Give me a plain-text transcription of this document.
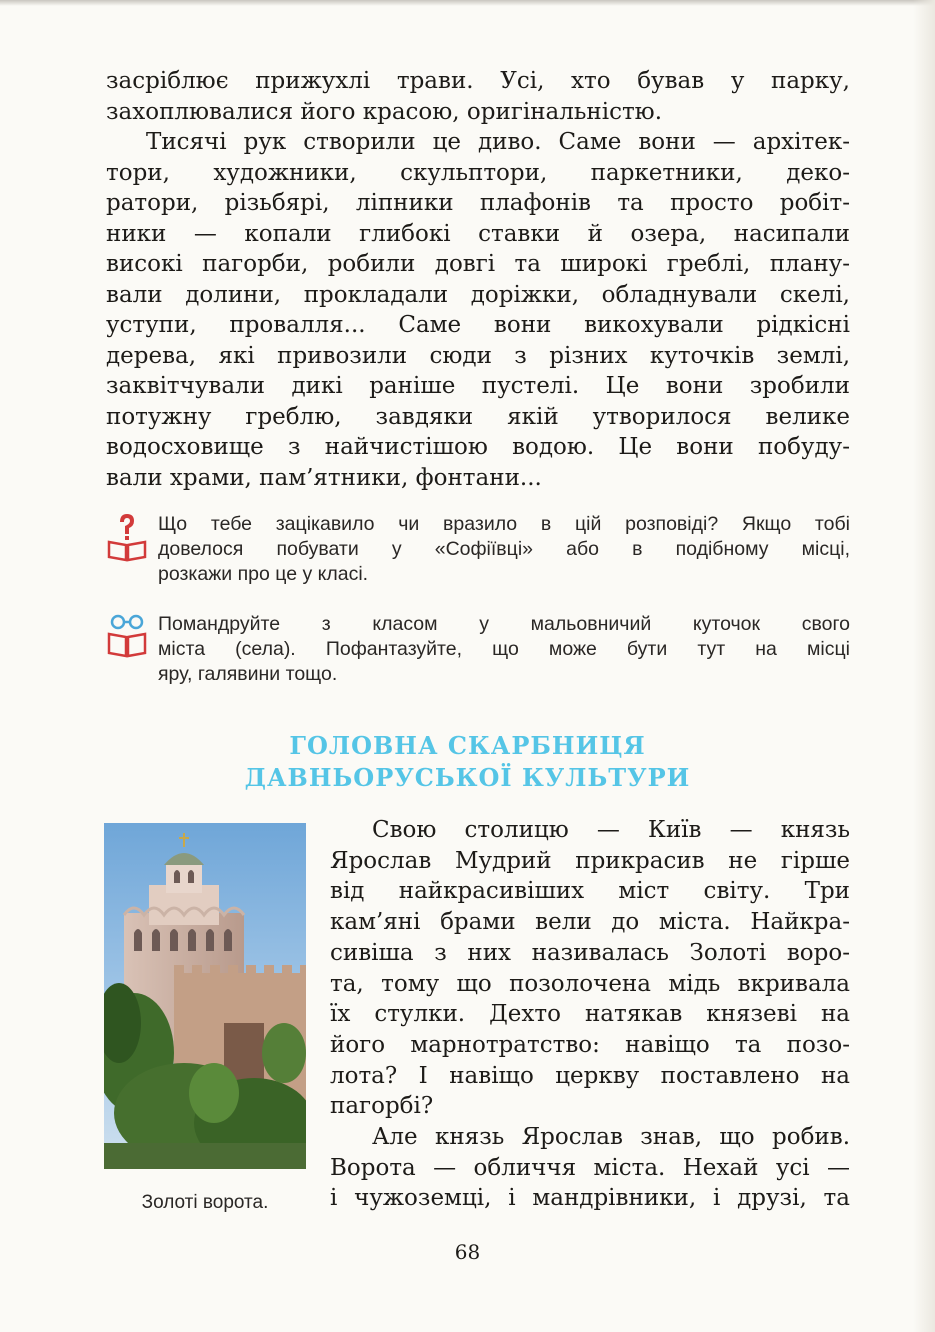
засріблює прижухлі трави. Усі, хто бував у парку,
захоплювалися його красою, оригінальністю.

Тисячі рук створили це диво. Саме вони — архітек-
тори, художники, скульптори, паркетники, деко-
ратори, різьбярі, ліпники плафонів та просто робіт-
ники — копали глибокі ставки й озера, насипали
високі пагорби, робили довгі та широкі греблі, плану-
вали долини, прокладали доріжки, обладнували скелі,
уступи, провалля... Саме вони викохували рідкісні
дерева, які привозили сюди з різних куточків землі,
заквітчували дикі раніше пустелі. Це вони зробили
потужну греблю, завдяки якій утворилося велике
водосховище з найчистішою водою. Це вони побуду-
вали храми, пам’ятники, фонтани...

Що тебе зацікавило чи вразило в цій розповіді? Якщо тобі
довелося побувати у «Софіївці» або в подібному місці,
розкажи про це у класі.
Помандруйте з класом у мальовничий куточок свого
міста (села). Пофантазуйте, що може бути тут на місці
яру, галявини тощо.
ГОЛОВНА СКАРБНИЦЯ
ДАВНЬОРУСЬКОЇ КУЛЬТУРИ
Золоті ворота.
Свою столицю — Київ — князь
Ярослав Мудрий прикрасив не гірше
від найкрасивіших міст світу. Три
кам’яні брами вели до міста. Найкра-
сивіша з них називалась Золоті воро-
та, тому що позолочена мідь вкривала
їх стулки. Дехто натякав князеві на
його марнотратство: навіщо та позо-
лота? І навіщо церкву поставлено на
пагорбі?
Але князь Ярослав знав, що робив.
Ворота — обличчя міста. Нехай усі —
і чужоземці, і мандрівники, і друзі, та
68
